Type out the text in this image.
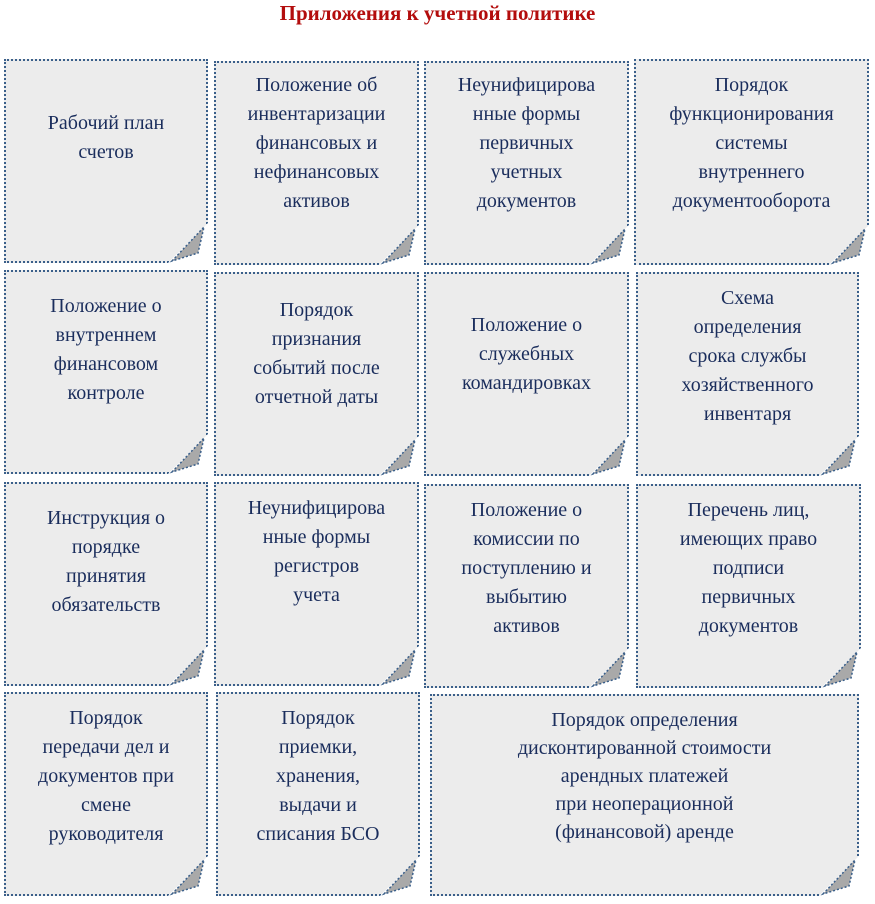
Приложения к учетной политике
Рабочий план
счетов
Положение об
инвентаризации
финансовых и
нефинансовых
активов
Неунифицирова
нные формы
первичных
учетных
документов
Порядок
функционирования
системы
внутреннего
документооборота
Положение о
внутреннем
финансовом
контроле
Порядок
признания
событий после
отчетной даты
Положение о
служебных
командировках
Схема
определения
срока службы
хозяйственного
инвентаря
Инструкция о
порядке
принятия
обязательств
Неунифицирова
нные формы
регистров
учета
Положение о
комиссии по
поступлению и
выбытию
активов
Перечень лиц,
имеющих право
подписи
первичных
документов
Порядок
передачи дел и
документов при
смене
руководителя
Порядок
приемки,
хранения,
выдачи и
списания БСО
Порядок определения
дисконтированной стоимости
арендных платежей
при неоперационной
(финансовой) аренде
